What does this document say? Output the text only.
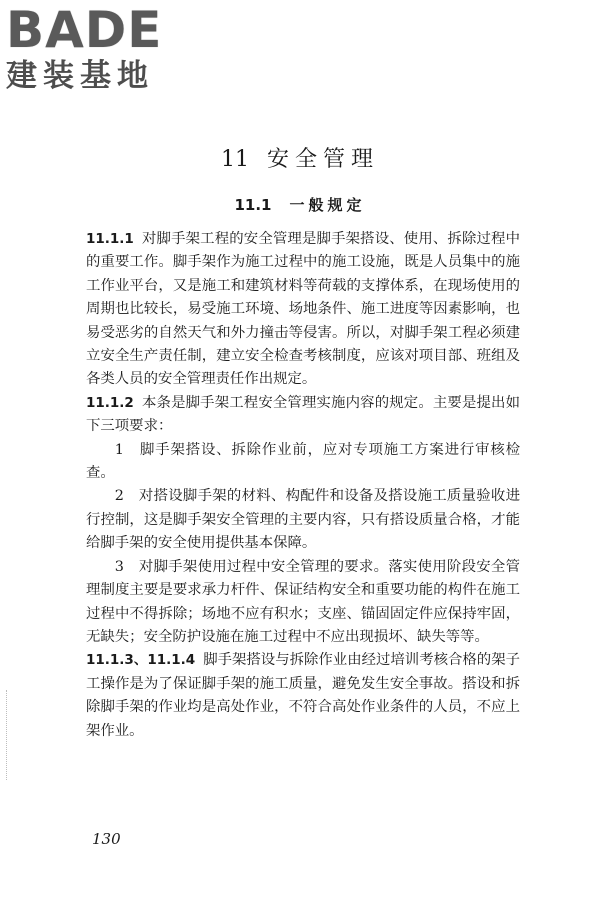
BADE
建装基地
11 安全管理
11.1 一般规定

11.1.1 对脚手架工程的安全管理是脚手架搭设、使用、拆除过程中的重要工作。脚手架作为施工过程中的施工设施，既是人员集中的施工作业平台，又是施工和建筑材料等荷载的支撑体系，在现场使用的周期也比较长，易受施工环境、场地条件、施工进度等因素影响，也易受恶劣的自然天气和外力撞击等侵害。所以，对脚手架工程必须建立安全生产责任制，建立安全检查考核制度，应该对项目部、班组及各类人员的安全管理责任作出规定。

11.1.2 本条是脚手架工程安全管理实施内容的规定。主要是提出如下三项要求：

1　脚手架搭设、拆除作业前，应对专项施工方案进行审核检查。

2　对搭设脚手架的材料、构配件和设备及搭设施工质量验收进行控制，这是脚手架安全管理的主要内容，只有搭设质量合格，才能给脚手架的安全使用提供基本保障。

3　对脚手架使用过程中安全管理的要求。落实使用阶段安全管理制度主要是要求承力杆件、保证结构安全和重要功能的构件在施工过程中不得拆除；场地不应有积水；支座、锚固固定件应保持牢固，无缺失；安全防护设施在施工过程中不应出现损坏、缺失等等。

11.1.3、11.1.4 脚手架搭设与拆除作业由经过培训考核合格的架子工操作是为了保证脚手架的施工质量，避免发生安全事故。搭设和拆除脚手架的作业均是高处作业，不符合高处作业条件的人员，不应上架作业。

130
